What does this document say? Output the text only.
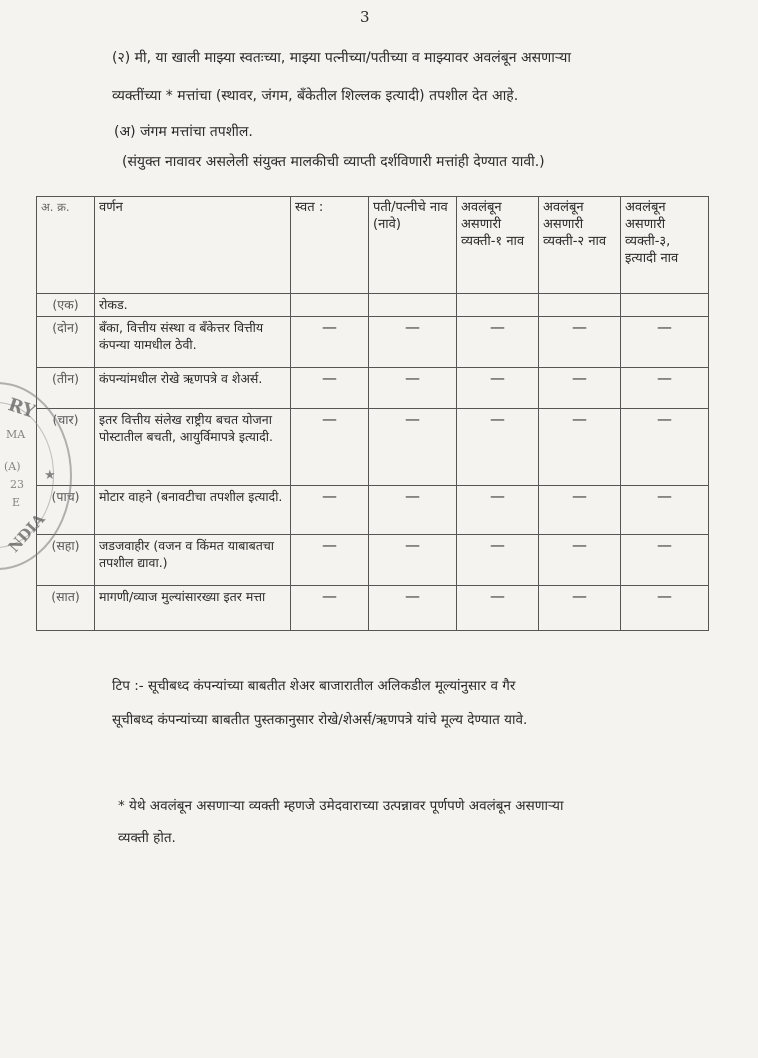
3
(२) मी, या खाली माझ्या स्वतःच्या, माझ्या पत्नीच्या/पतीच्या व माझ्यावर अवलंबून असणाऱ्या
व्यक्तींच्या * मत्तांचा (स्थावर, जंगम, बँकेतील शिल्लक इत्यादी) तपशील देत आहे.
(अ) जंगम मत्तांचा तपशील.
(संयुक्त नावावर असलेली संयुक्त मालकीची व्याप्ती दर्शविणारी मत्तांही देण्यात यावी.)
अ. क्र.	वर्णन	स्वत :	पती/पत्नीचे नाव (नावे)	अवलंबून असणारी व्यक्ती-१ नाव	अवलंबून असणारी व्यक्ती-२ नाव	अवलंबून असणारी व्यक्ती-३, इत्यादी नाव
(एक)	रोकड.					
(दोन)	बँका, वित्तीय संस्था व बँकेत्तर वित्तीय कंपन्या यामधील ठेवी.	—	—	—	—	—
(तीन)	कंपन्यांमधील रोखे ऋणपत्रे व शेअर्स.	—	—	—	—	—
(चार)	इतर वित्तीय संलेख राष्ट्रीय बचत योजना पोस्टातील बचती, आयुर्विमापत्रे इत्यादी.	—	—	—	—	—
(पाच)	मोटार वाहने (बनावटीचा तपशील इत्यादी.	—	—	—	—	—
(सहा)	जडजवाहीर (वजन व किंमत याबाबतचा तपशील द्यावा.)	—	—	—	—	—
(सात)	मागणी/व्याज मुल्यांसारख्या इतर मत्ता	—	—	—	—	—
टिप :- सूचीबध्द कंपन्यांच्या बाबतीत शेअर बाजारातील अलिकडील मूल्यांनुसार व गैर
सूचीबध्द कंपन्यांच्या बाबतीत पुस्तकानुसार रोखे/शेअर्स/ऋणपत्रे यांचे मूल्य देण्यात यावे.
* येथे अवलंबून असणाऱ्या व्यक्ती म्हणजे उमेदवाराच्या उत्पन्नावर पूर्णपणे अवलंबून असणाऱ्या
व्यक्ती होत.
RY
MA
(A)
23
E
NDIA
★
